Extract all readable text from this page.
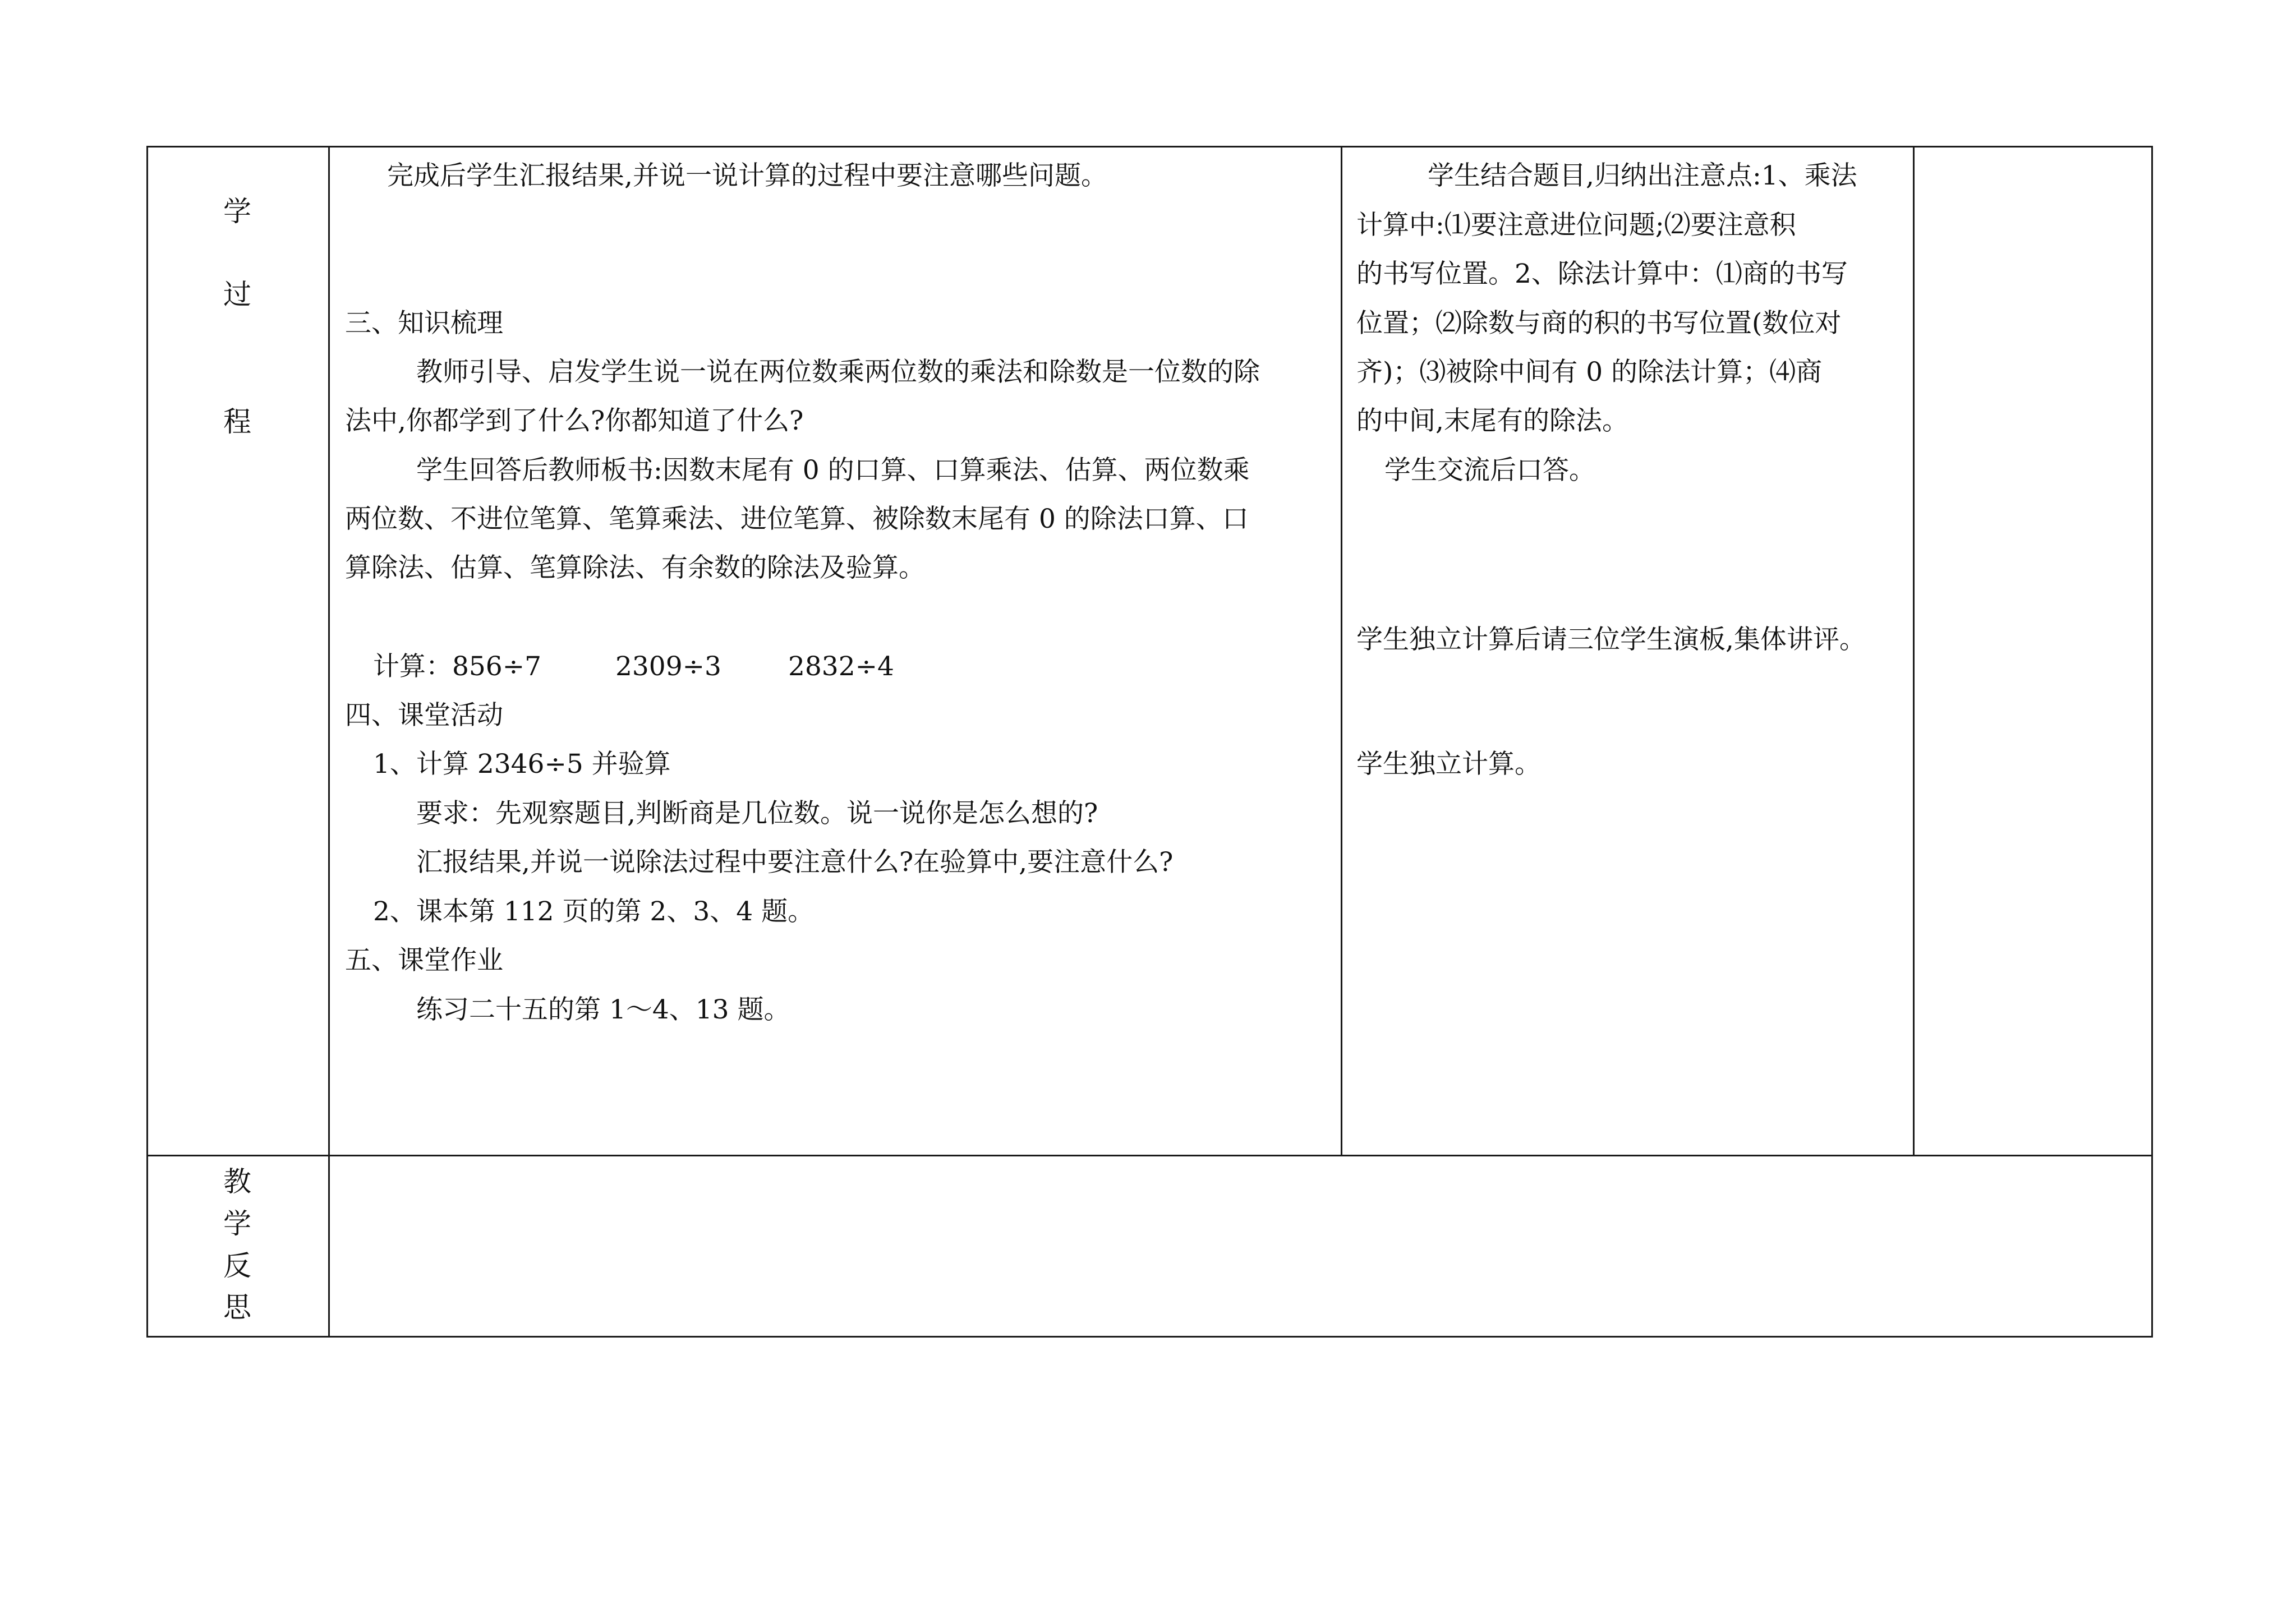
学
过
程
完成后学生汇报结果,并说一说计算的过程中要注意哪些问题。
三、知识梳理
教师引导、启发学生说一说在两位数乘两位数的乘法和除数是一位数的除
法中,你都学到了什么?你都知道了什么?
学生回答后教师板书:因数末尾有 0 的口算、口算乘法、估算、两位数乘
两位数、不进位笔算、笔算乘法、进位笔算、被除数末尾有 0 的除法口算、口
算除法、估算、笔算除法、有余数的除法及验算。
计算：856÷7	2309÷3	2832÷4
四、课堂活动
1、计算 2346÷5 并验算
要求：先观察题目,判断商是几位数。说一说你是怎么想的?
汇报结果,并说一说除法过程中要注意什么?在验算中,要注意什么?
2、课本第 112 页的第 2、3、4 题。
五、课堂作业
练习二十五的第 1～4、13 题。
学生结合题目,归纳出注意点:1、乘法
计算中:⑴要注意进位问题;⑵要注意积
的书写位置。2、除法计算中：⑴商的书写
位置；⑵除数与商的积的书写位置(数位对
齐)；⑶被除中间有 0 的除法计算；⑷商
的中间,末尾有的除法。
学生交流后口答。
学生独立计算后请三位学生演板,集体讲评。
学生独立计算。
教
学
反
思
